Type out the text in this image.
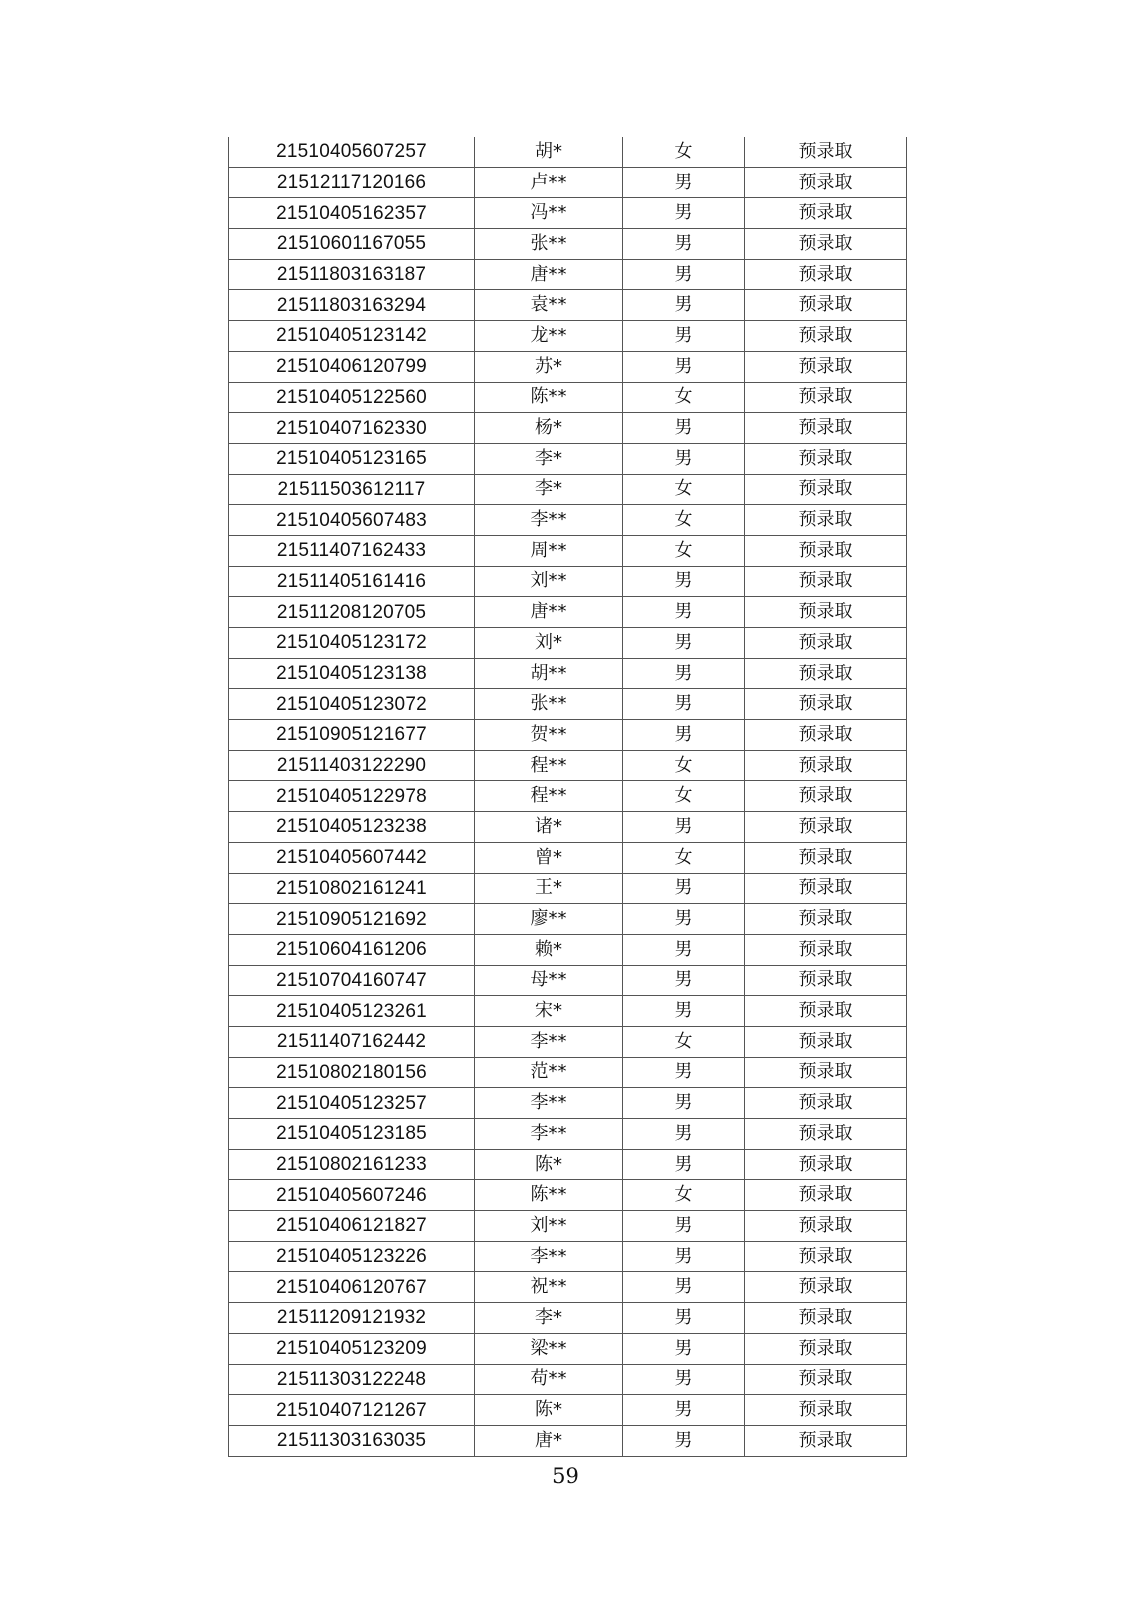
21510405607257	胡*	女	预录取
21512117120166	卢**	男	预录取
21510405162357	冯**	男	预录取
21510601167055	张**	男	预录取
21511803163187	唐**	男	预录取
21511803163294	袁**	男	预录取
21510405123142	龙**	男	预录取
21510406120799	苏*	男	预录取
21510405122560	陈**	女	预录取
21510407162330	杨*	男	预录取
21510405123165	李*	男	预录取
21511503612117	李*	女	预录取
21510405607483	李**	女	预录取
21511407162433	周**	女	预录取
21511405161416	刘**	男	预录取
21511208120705	唐**	男	预录取
21510405123172	刘*	男	预录取
21510405123138	胡**	男	预录取
21510405123072	张**	男	预录取
21510905121677	贺**	男	预录取
21511403122290	程**	女	预录取
21510405122978	程**	女	预录取
21510405123238	诸*	男	预录取
21510405607442	曾*	女	预录取
21510802161241	王*	男	预录取
21510905121692	廖**	男	预录取
21510604161206	赖*	男	预录取
21510704160747	母**	男	预录取
21510405123261	宋*	男	预录取
21511407162442	李**	女	预录取
21510802180156	范**	男	预录取
21510405123257	李**	男	预录取
21510405123185	李**	男	预录取
21510802161233	陈*	男	预录取
21510405607246	陈**	女	预录取
21510406121827	刘**	男	预录取
21510405123226	李**	男	预录取
21510406120767	祝**	男	预录取
21511209121932	李*	男	预录取
21510405123209	梁**	男	预录取
21511303122248	苟**	男	预录取
21510407121267	陈*	男	预录取
21511303163035	唐*	男	预录取
59
